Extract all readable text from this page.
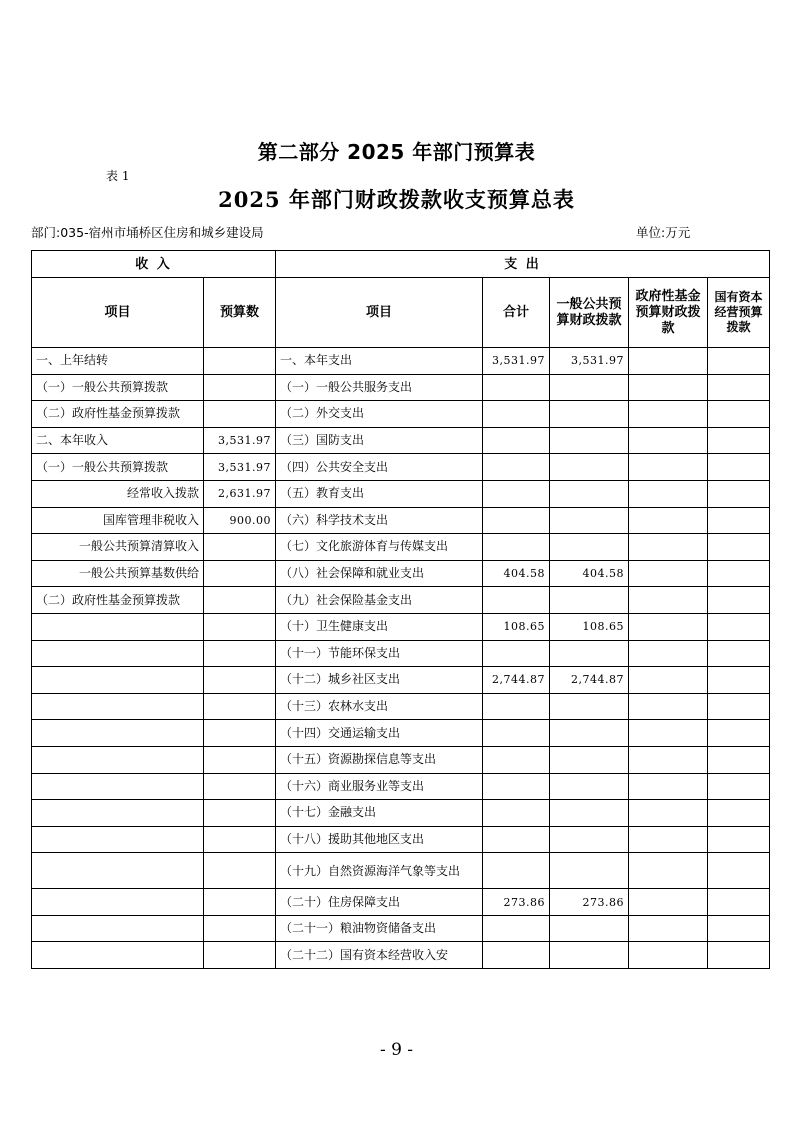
第二部分 2025 年部门预算表
表 1
2025 年部门财政拨款收支预算总表
部门:035-宿州市埇桥区住房和城乡建设局	单位:万元
收 入		支 出				
项目	预算数	项目	合计	一般公共预算财政拨款	政府性基金预算财政拨款	国有资本经营预算拨款
一、上年结转		一、本年支出	3,531.97	3,531.97		
（一）一般公共预算拨款		（一）一般公共服务支出				
（二）政府性基金预算拨款		（二）外交支出				
二、本年收入	3,531.97	（三）国防支出				
（一）一般公共预算拨款	3,531.97	（四）公共安全支出				
经常收入拨款	2,631.97	（五）教育支出				
国库管理非税收入	900.00	（六）科学技术支出				
一般公共预算清算收入		（七）文化旅游体育与传媒支出				
一般公共预算基数供给		（八）社会保障和就业支出	404.58	404.58		
（二）政府性基金预算拨款		（九）社会保险基金支出				
		（十）卫生健康支出	108.65	108.65		
		（十一）节能环保支出				
		（十二）城乡社区支出	2,744.87	2,744.87		
		（十三）农林水支出				
		（十四）交通运输支出				
		（十五）资源勘探信息等支出				
		（十六）商业服务业等支出				
		（十七）金融支出				
		（十八）援助其他地区支出				
		（十九）自然资源海洋气象等支出				
		（二十）住房保障支出	273.86	273.86		
		（二十一）粮油物资储备支出				
		（二十二）国有资本经营收入安				
- 9 -
